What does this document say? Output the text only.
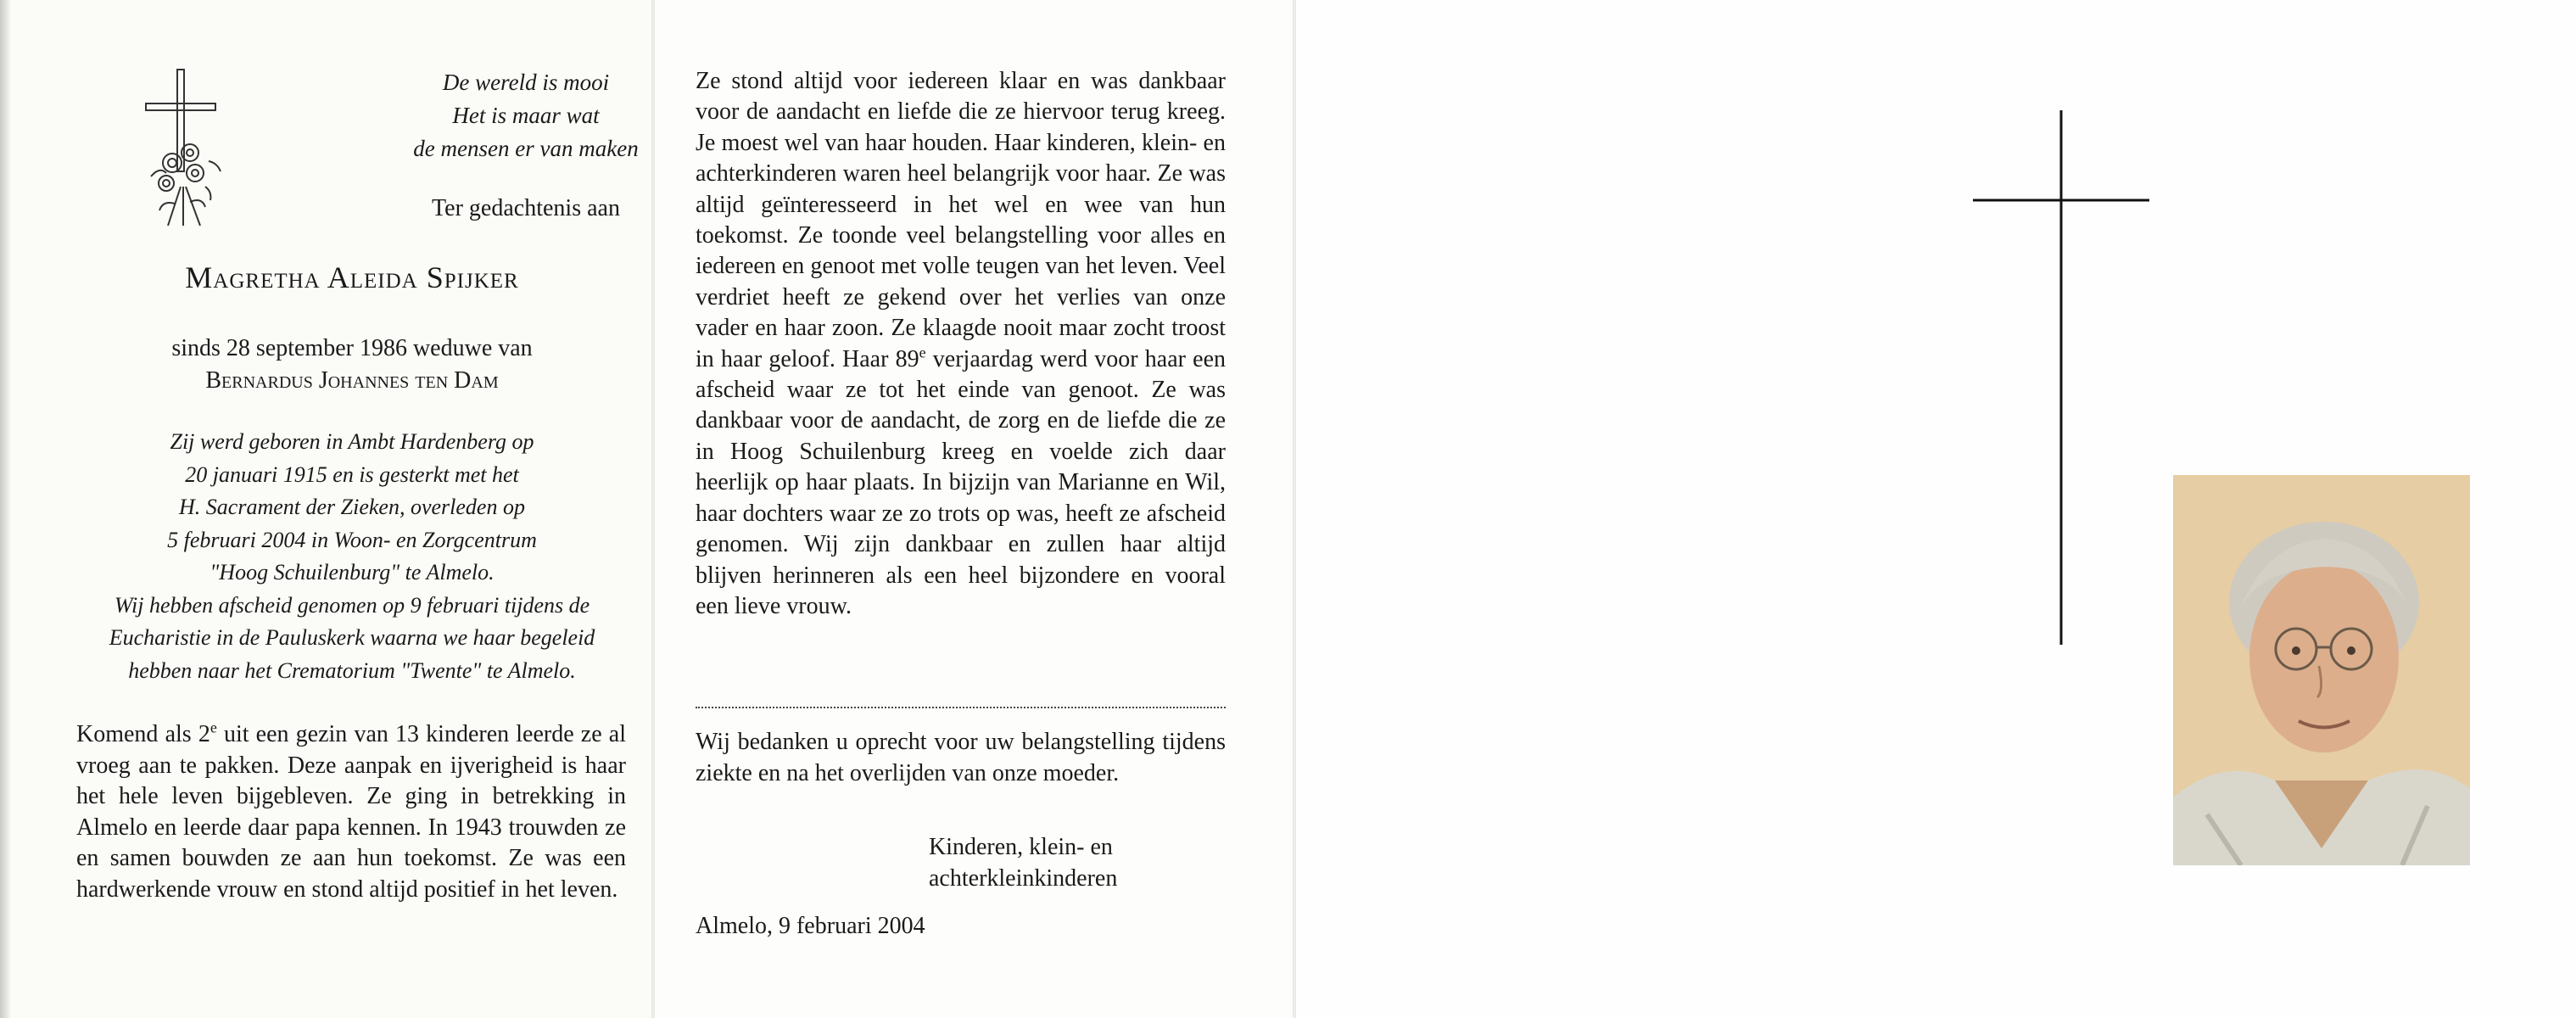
De wereld is mooi
Het is maar wat
de mensen er van maken
Ter gedachtenis aan
Magretha Aleida Spijker
sinds 28 september 1986 weduwe van
Bernardus Johannes ten Dam
Zij werd geboren in Ambt Hardenberg op
20 januari 1915 en is gesterkt met het
H. Sacrament der Zieken, overleden op
5 februari 2004 in Woon- en Zorgcentrum
"Hoog Schuilenburg" te Almelo.
Wij hebben afscheid genomen op 9 februari tijdens de
Eucharistie in de Pauluskerk waarna we haar begeleid
hebben naar het Crematorium "Twente" te Almelo.
Komend als 2e uit een gezin van 13 kinderen leerde ze al vroeg aan te pakken. Deze aanpak en ijverigheid is haar het hele leven bijgebleven. Ze ging in betrekking in Almelo en leerde daar papa kennen. In 1943 trouwden ze en samen bouwden ze aan hun toekomst. Ze was een hardwerkende vrouw en stond altijd positief in het leven.
Ze stond altijd voor iedereen klaar en was dankbaar voor de aandacht en liefde die ze hiervoor terug kreeg. Je moest wel van haar houden. Haar kinderen, klein- en achterkinderen waren heel belangrijk voor haar. Ze was altijd geïnteresseerd in het wel en wee van hun toekomst. Ze toonde veel belangstelling voor alles en iedereen en genoot met volle teugen van het leven. Veel verdriet heeft ze gekend over het verlies van onze vader en haar zoon. Ze klaagde nooit maar zocht troost in haar geloof. Haar 89e verjaardag werd voor haar een afscheid waar ze tot het einde van genoot. Ze was dankbaar voor de aandacht, de zorg en de liefde die ze in Hoog Schuilenburg kreeg en voelde zich daar heerlijk op haar plaats. In bijzijn van Marianne en Wil, haar dochters waar ze zo trots op was, heeft ze afscheid genomen. Wij zijn dankbaar en zullen haar altijd blijven herinneren als een heel bijzondere en vooral een lieve vrouw.
Wij bedanken u oprecht voor uw belangstelling tijdens ziekte en na het overlijden van onze moeder.
Kinderen, klein- en
achterkleinkinderen
Almelo, 9 februari 2004
